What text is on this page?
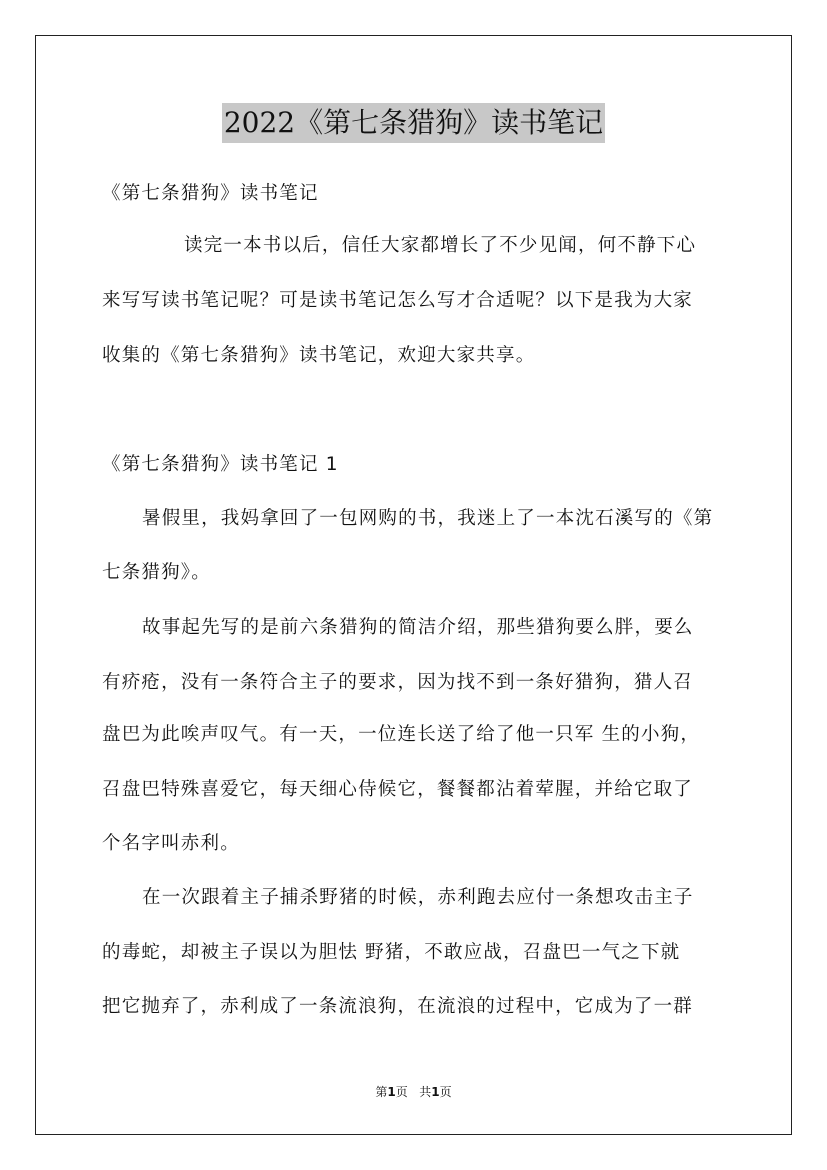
2022《第七条猎狗》读书笔记
《第七条猎狗》读书笔记
读完一本书以后，信任大家都增长了不少见闻，何不静下心
来写写读书笔记呢？可是读书笔记怎么写才合适呢？以下是我为大家
收集的《第七条猎狗》读书笔记，欢迎大家共享。
《第七条猎狗》读书笔记 1
暑假里，我妈拿回了一包网购的书，我迷上了一本沈石溪写的《第
七条猎狗》。
故事起先写的是前六条猎狗的简洁介绍，那些猎狗要么胖，要么
有疥疮，没有一条符合主子的要求，因为找不到一条好猎狗，猎人召
盘巴为此唉声叹气。有一天，一位连长送了给了他一只军 生的小狗，
召盘巴特殊喜爱它，每天细心侍候它，餐餐都沾着荤腥，并给它取了
个名字叫赤利。
在一次跟着主子捕杀野猪的时候，赤利跑去应付一条想攻击主子
的毒蛇，却被主子误以为胆怯 野猪，不敢应战，召盘巴一气之下就
把它抛弃了，赤利成了一条流浪狗，在流浪的过程中，它成为了一群
第1页 共1页
